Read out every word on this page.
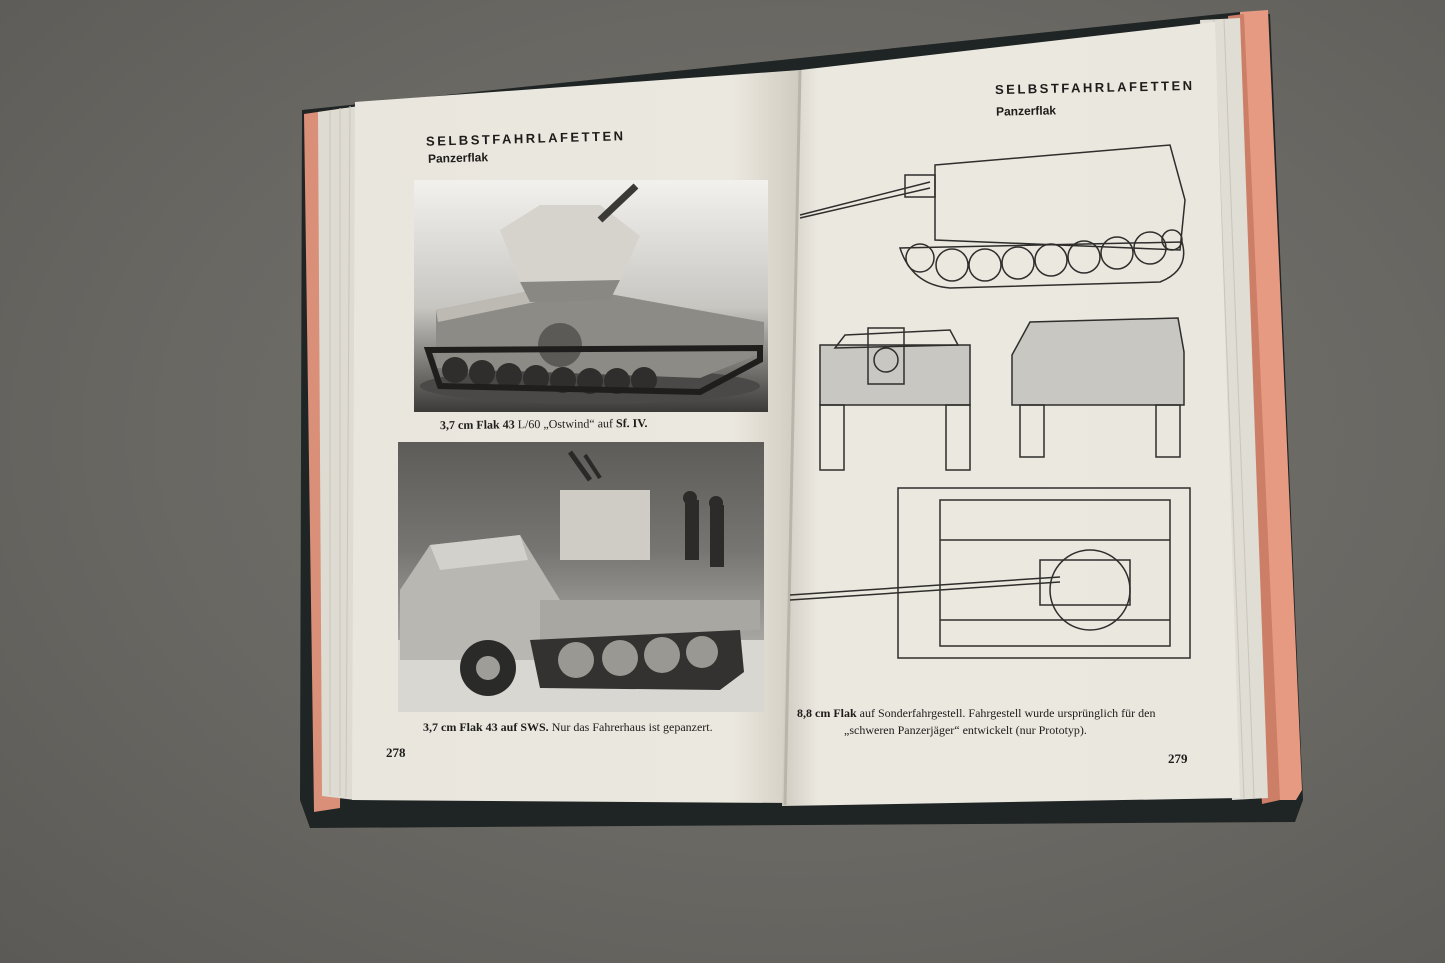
SELBSTFAHRLAFETTEN
Panzerflak
3,7 cm Flak 43 L/60 „Ostwind“ auf Sf. IV.
3,7 cm Flak 43 auf SWS. Nur das Fahrerhaus ist gepanzert.
278
SELBSTFAHRLAFETTEN
Panzerflak
8,8 cm Flak auf Sonderfahrgestell. Fahrgestell wurde ursprünglich für den
„schweren Panzerjäger“ entwickelt (nur Prototyp).
279
